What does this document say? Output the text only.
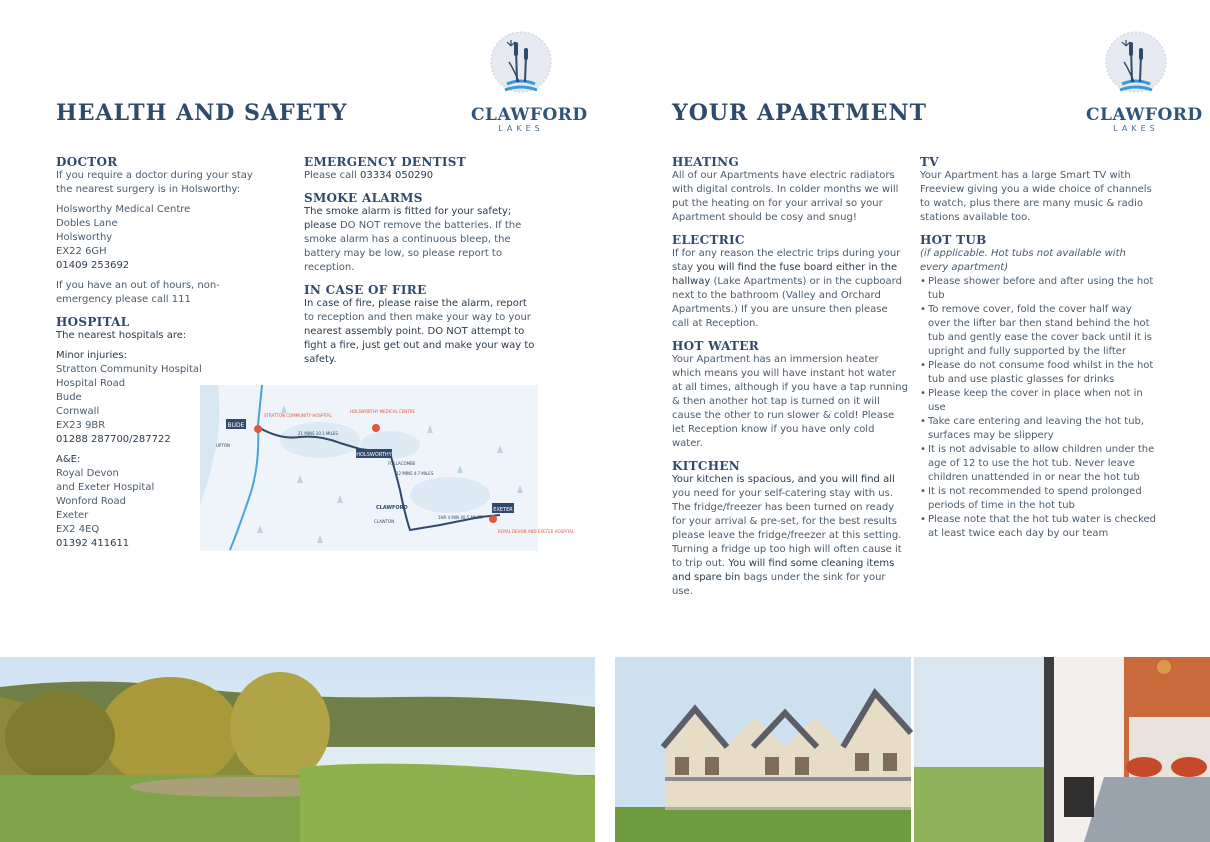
HEALTH AND SAFETY	CLAWFORD
LAKES
DOCTOR

If you require a doctor during your stay the nearest surgery is in Holsworthy:

Holsworthy Medical Centre
Dobles Lane
Holsworthy
EX22 6GH
01409 253692

If you have an out of hours, non-emergency please call 111

HOSPITAL

The nearest hospitals are:

Minor injuries:
Stratton Community Hospital
Hospital Road
Bude
Cornwall
EX23 9BR
01288 287700/287722
A&E:
Royal Devon
and Exeter Hospital
Wonford Road
Exeter
EX2 4EQ
01392 411611
EMERGENCY DENTIST

Please call 03334 050290

SMOKE ALARMS

The smoke alarm is fitted for your safety; please DO NOT remove the batteries. If the smoke alarm has a continuous bleep, the battery may be low, so please report to reception.

IN CASE OF FIRE

In case of fire, please raise the alarm, report to reception and then make your way to your nearest assembly point. DO NOT attempt to fight a fire, just get out and make your way to safety.

BUDE
STRATTON COMMUNITY HOSPITAL
HOLSWORTHY MEDICAL CENTRE
HOLSWORTHY
21 MINS 10.1 MILES
12 MINS 4.7 MILES
1HR 4 MIN 40.5 MILES
FOLLACOMBE
CLAWFORD
CLAWTON
UPTON
EXETER
ROYAL DEVON AND EXETER HOSPITAL
YOUR APARTMENT	CLAWFORD
LAKES
HEATING

All of our Apartments have electric radiators with digital controls. In colder months we will put the heating on for your arrival so your Apartment should be cosy and snug!

ELECTRIC

If for any reason the electric trips during your stay you will find the fuse board either in the hallway (Lake Apartments) or in the cupboard next to the bathroom (Valley and Orchard Apartments.) If you are unsure then please call at Reception.

HOT WATER

Your Apartment has an immersion heater which means you will have instant hot water at all times, although if you have a tap running & then another hot tap is turned on it will cause the other to run slower & cold! Please let Reception know if you have only cold water.

KITCHEN

Your kitchen is spacious, and you will find all you need for your self-catering stay with us. The fridge/freezer has been turned on ready for your arrival & pre-set, for the best results please leave the fridge/freezer at this setting. Turning a fridge up too high will often cause it to trip out. You will find some cleaning items and spare bin bags under the sink for your use.

TV

Your Apartment has a large Smart TV with Freeview giving you a wide choice of channels to watch, plus there are many music & radio stations available too.

HOT TUB
(if applicable. Hot tubs not available with every apartment)
• Please shower before and after using the hot tub
• To remove cover, fold the cover half way over the lifter bar then stand behind the hot tub and gently ease the cover back until it is upright and fully supported by the lifter
• Please do not consume food whilst in the hot tub and use plastic glasses for drinks
• Please keep the cover in place when not in use
• Take care entering and leaving the hot tub, surfaces may be slippery
• It is not advisable to allow children under the age of 12 to use the hot tub. Never leave children unattended in or near the hot tub
• It is not recommended to spend prolonged periods of time in the hot tub
• Please note that the hot tub water is checked at least twice each day by our team
